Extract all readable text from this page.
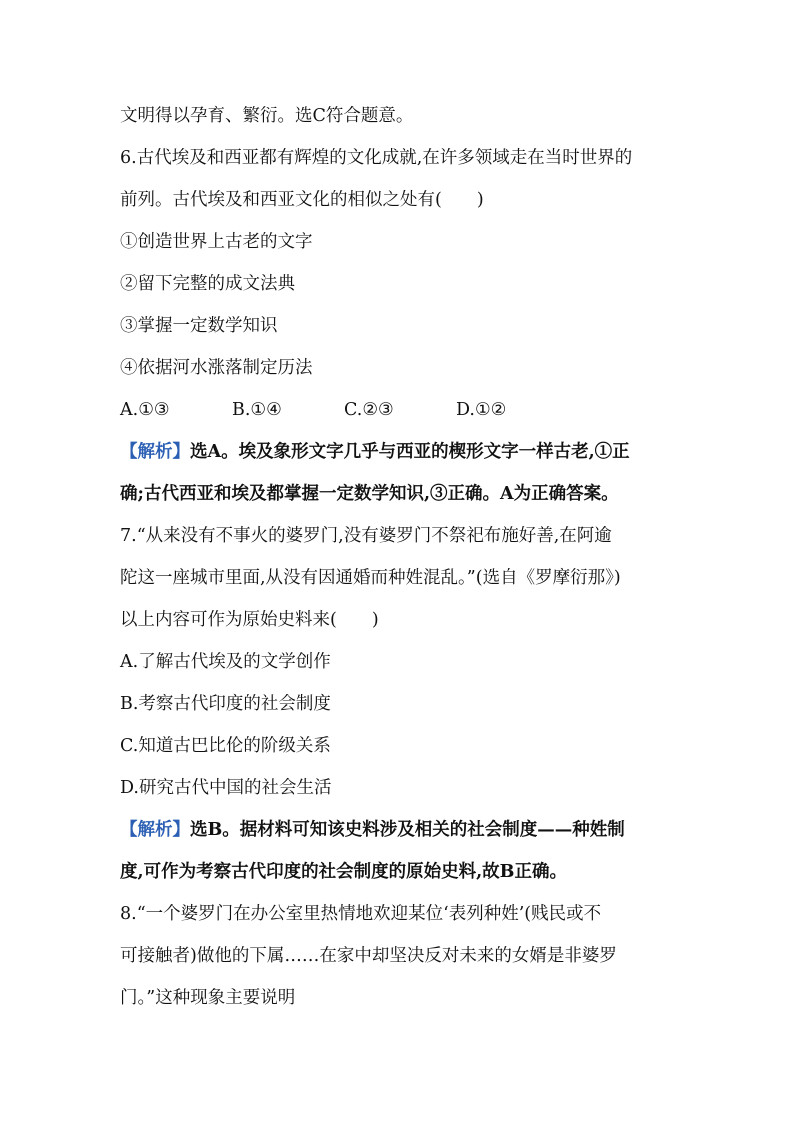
文明得以孕育、繁衍。选C符合题意。
6.古代埃及和西亚都有辉煌的文化成就,在许多领域走在当时世界的
前列。古代埃及和西亚文化的相似之处有(　　)
①创造世界上古老的文字
②留下完整的成文法典
③掌握一定数学知识
④依据河水涨落制定历法
A.①③	B.①④	C.②③	D.①②
【解析】选A。埃及象形文字几乎与西亚的楔形文字一样古老,①正
确;古代西亚和埃及都掌握一定数学知识,③正确。A为正确答案。
7.“从来没有不事火的婆罗门,没有婆罗门不祭祀布施好善,在阿逾
陀这一座城市里面,从没有因通婚而种姓混乱。”(选自《罗摩衍那》)
以上内容可作为原始史料来(　　)
A.了解古代埃及的文学创作
B.考察古代印度的社会制度
C.知道古巴比伦的阶级关系
D.研究古代中国的社会生活
【解析】选B。据材料可知该史料涉及相关的社会制度——种姓制
度,可作为考察古代印度的社会制度的原始史料,故B正确。
8.“一个婆罗门在办公室里热情地欢迎某位‘表列种姓’(贱民或不
可接触者)做他的下属……在家中却坚决反对未来的女婿是非婆罗
门。”这种现象主要说明
